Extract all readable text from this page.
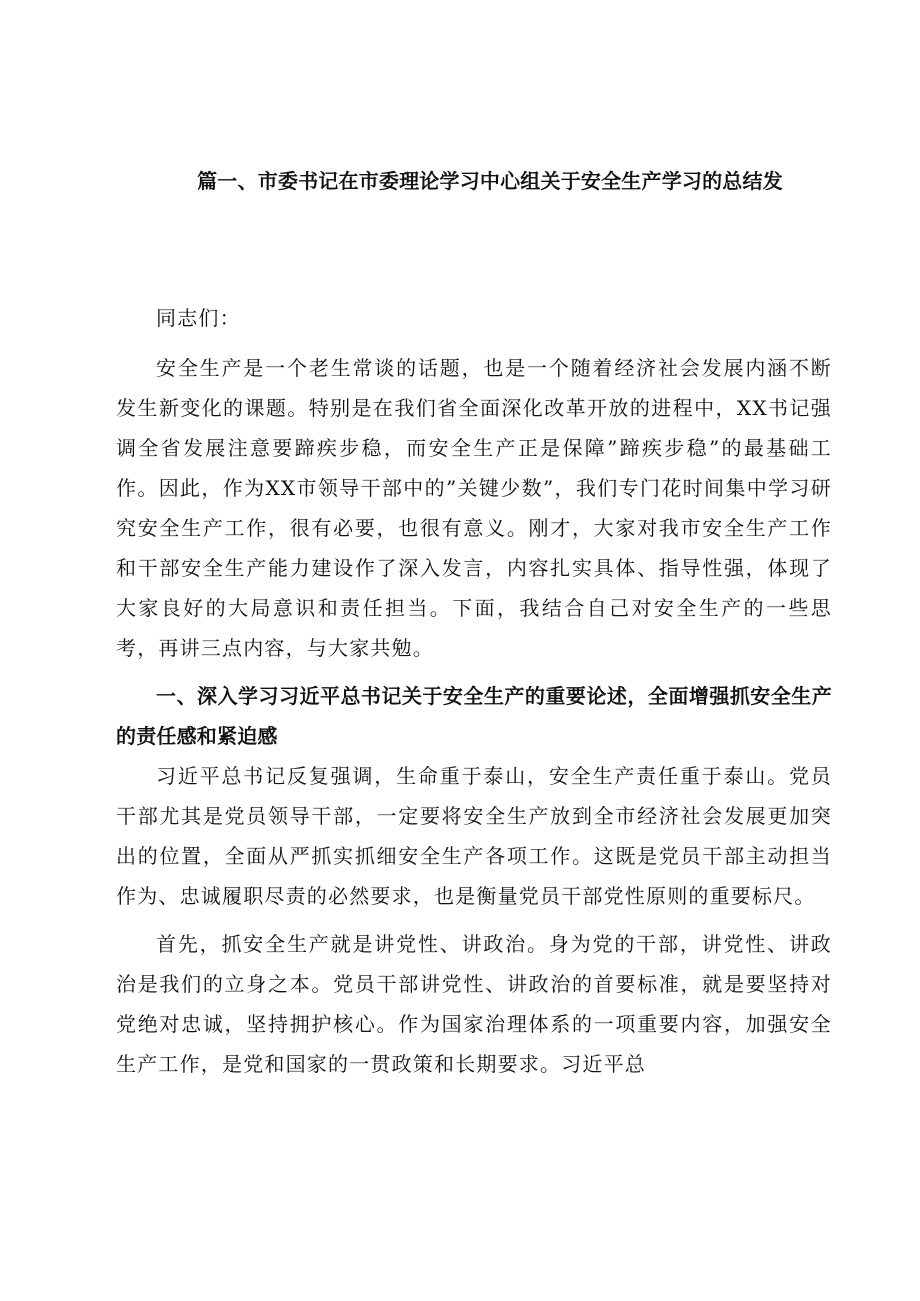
篇一、市委书记在市委理论学习中心组关于安全生产学习的总结发

同志们：

安全生产是一个老生常谈的话题，也是一个随着经济社会发展内涵不断发生新变化的课题。特别是在我们省全面深化改革开放的进程中，XX书记强调全省发展注意要蹄疾步稳，而安全生产正是保障”蹄疾步稳”的最基础工作。因此，作为XX市领导干部中的”关键少数”，我们专门花时间集中学习研究安全生产工作，很有必要，也很有意义。刚才，大家对我市安全生产工作和干部安全生产能力建设作了深入发言，内容扎实具体、指导性强，体现了大家良好的大局意识和责任担当。下面，我结合自己对安全生产的一些思考，再讲三点内容，与大家共勉。

一、深入学习习近平总书记关于安全生产的重要论述，全面增强抓安全生产的责任感和紧迫感

习近平总书记反复强调，生命重于泰山，安全生产责任重于泰山。党员干部尤其是党员领导干部，一定要将安全生产放到全市经济社会发展更加突出的位置，全面从严抓实抓细安全生产各项工作。这既是党员干部主动担当作为、忠诚履职尽责的必然要求，也是衡量党员干部党性原则的重要标尺。

首先，抓安全生产就是讲党性、讲政治。身为党的干部，讲党性、讲政治是我们的立身之本。党员干部讲党性、讲政治的首要标准，就是要坚持对党绝对忠诚，坚持拥护核心。作为国家治理体系的一项重要内容，加强安全生产工作，是党和国家的一贯政策和长期要求。习近平总
